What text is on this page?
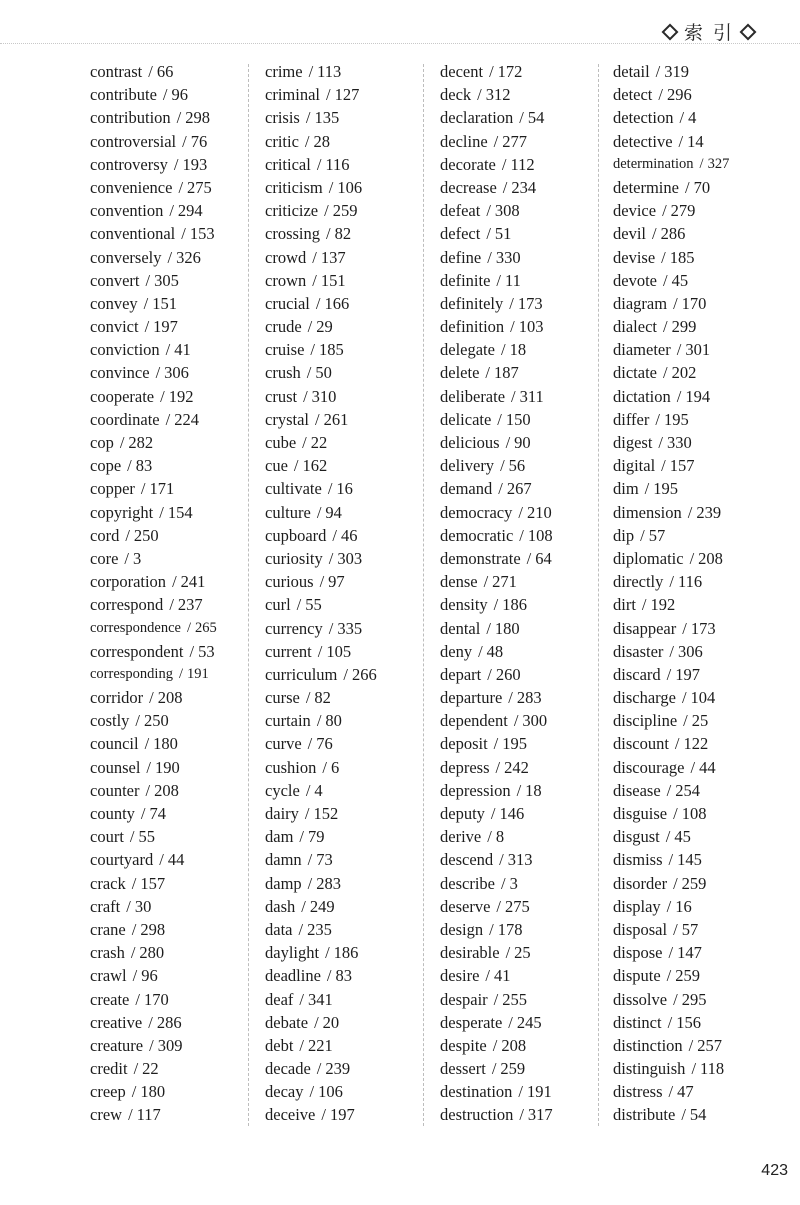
索 引
contrast / 66
contribute / 96
contribution / 298
controversial / 76
controversy / 193
convenience / 275
convention / 294
conventional / 153
conversely / 326
convert / 305
convey / 151
convict / 197
conviction / 41
convince / 306
cooperate / 192
coordinate / 224
cop / 282
cope / 83
copper / 171
copyright / 154
cord / 250
core / 3
corporation / 241
correspond / 237
correspondence / 265
correspondent / 53
corresponding / 191
corridor / 208
costly / 250
council / 180
counsel / 190
counter / 208
county / 74
court / 55
courtyard / 44
crack / 157
craft / 30
crane / 298
crash / 280
crawl / 96
create / 170
creative / 286
creature / 309
credit / 22
creep / 180
crew / 117
crime / 113
criminal / 127
crisis / 135
critic / 28
critical / 116
criticism / 106
criticize / 259
crossing / 82
crowd / 137
crown / 151
crucial / 166
crude / 29
cruise / 185
crush / 50
crust / 310
crystal / 261
cube / 22
cue / 162
cultivate / 16
culture / 94
cupboard / 46
curiosity / 303
curious / 97
curl / 55
currency / 335
current / 105
curriculum / 266
curse / 82
curtain / 80
curve / 76
cushion / 6
cycle / 4
dairy / 152
dam / 79
damn / 73
damp / 283
dash / 249
data / 235
daylight / 186
deadline / 83
deaf / 341
debate / 20
debt / 221
decade / 239
decay / 106
deceive / 197
decent / 172
deck / 312
declaration / 54
decline / 277
decorate / 112
decrease / 234
defeat / 308
defect / 51
define / 330
definite / 11
definitely / 173
definition / 103
delegate / 18
delete / 187
deliberate / 311
delicate / 150
delicious / 90
delivery / 56
demand / 267
democracy / 210
democratic / 108
demonstrate / 64
dense / 271
density / 186
dental / 180
deny / 48
depart / 260
departure / 283
dependent / 300
deposit / 195
depress / 242
depression / 18
deputy / 146
derive / 8
descend / 313
describe / 3
deserve / 275
design / 178
desirable / 25
desire / 41
despair / 255
desperate / 245
despite / 208
dessert / 259
destination / 191
destruction / 317
detail / 319
detect / 296
detection / 4
detective / 14
determination / 327
determine / 70
device / 279
devil / 286
devise / 185
devote / 45
diagram / 170
dialect / 299
diameter / 301
dictate / 202
dictation / 194
differ / 195
digest / 330
digital / 157
dim / 195
dimension / 239
dip / 57
diplomatic / 208
directly / 116
dirt / 192
disappear / 173
disaster / 306
discard / 197
discharge / 104
discipline / 25
discount / 122
discourage / 44
disease / 254
disguise / 108
disgust / 45
dismiss / 145
disorder / 259
display / 16
disposal / 57
dispose / 147
dispute / 259
dissolve / 295
distinct / 156
distinction / 257
distinguish / 118
distress / 47
distribute / 54
423
